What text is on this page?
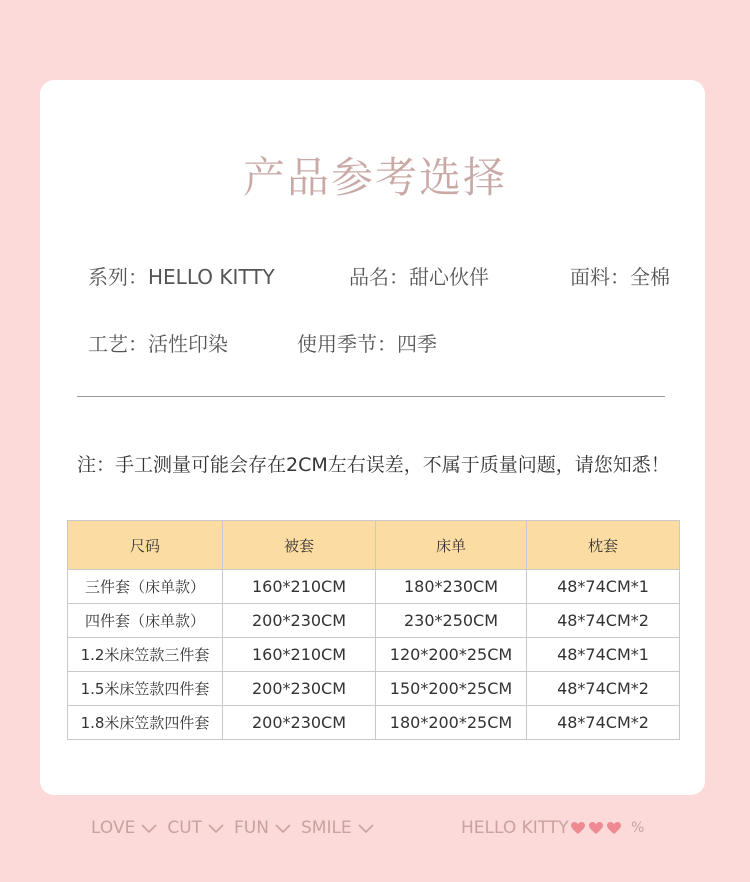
产品参考选择
系列：HELLO KITTY	品名：甜心伙伴	面料：全棉
工艺：活性印染	使用季节：四季
注：手工测量可能会存在2CM左右误差，不属于质量问题，请您知悉！
尺码	被套	床单	枕套
三件套（床单款）	160*210CM	180*230CM	48*74CM*1
四件套（床单款）	200*230CM	230*250CM	48*74CM*2
1.2米床笠款三件套	160*210CM	120*200*25CM	48*74CM*1
1.5米床笠款四件套	200*230CM	150*200*25CM	48*74CM*2
1.8米床笠款四件套	200*230CM	180*200*25CM	48*74CM*2
LOVE CUT FUN SMILE	HELLO KITTY	%
